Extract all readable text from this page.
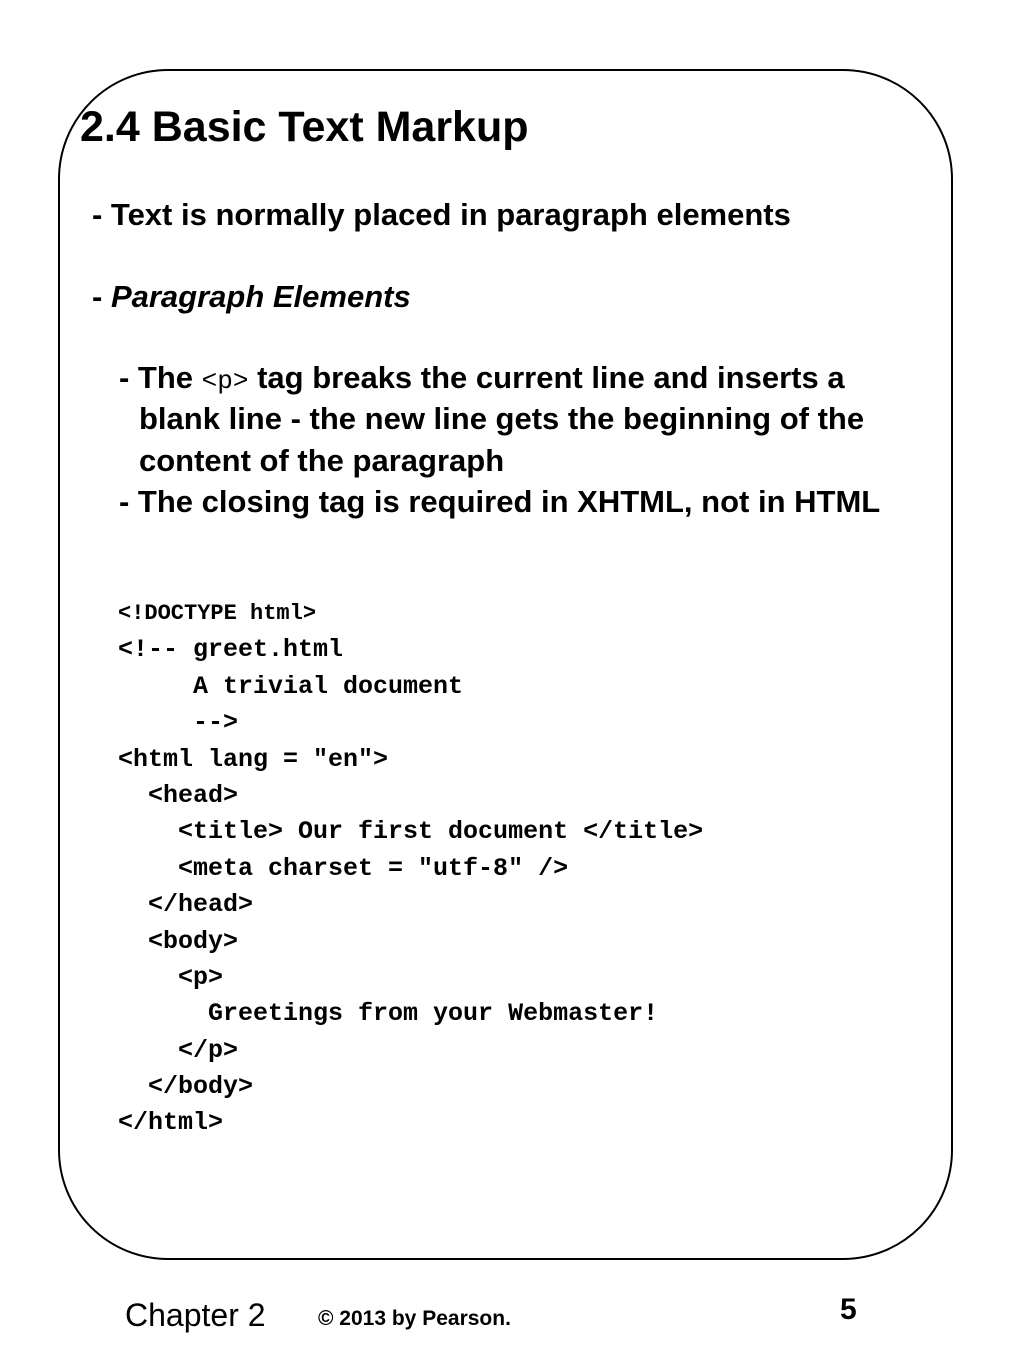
2.4 Basic Text Markup
- Text is normally placed in paragraph elements
- Paragraph Elements
- The <p> tag breaks the current line and inserts a
blank line - the new line gets the beginning of the
content of the paragraph
- The closing tag is required in XHTML, not in HTML
<!DOCTYPE html>
<!-- greet.html
A trivial document
-->
<html lang = ″en″>
<head>
<title> Our first document </title>
<meta charset = ″utf-8″ />
</head>
<body>
<p>
Greetings from your Webmaster!
</p>
</body>
</html>
Chapter 2 © 2013 by Pearson.	5
